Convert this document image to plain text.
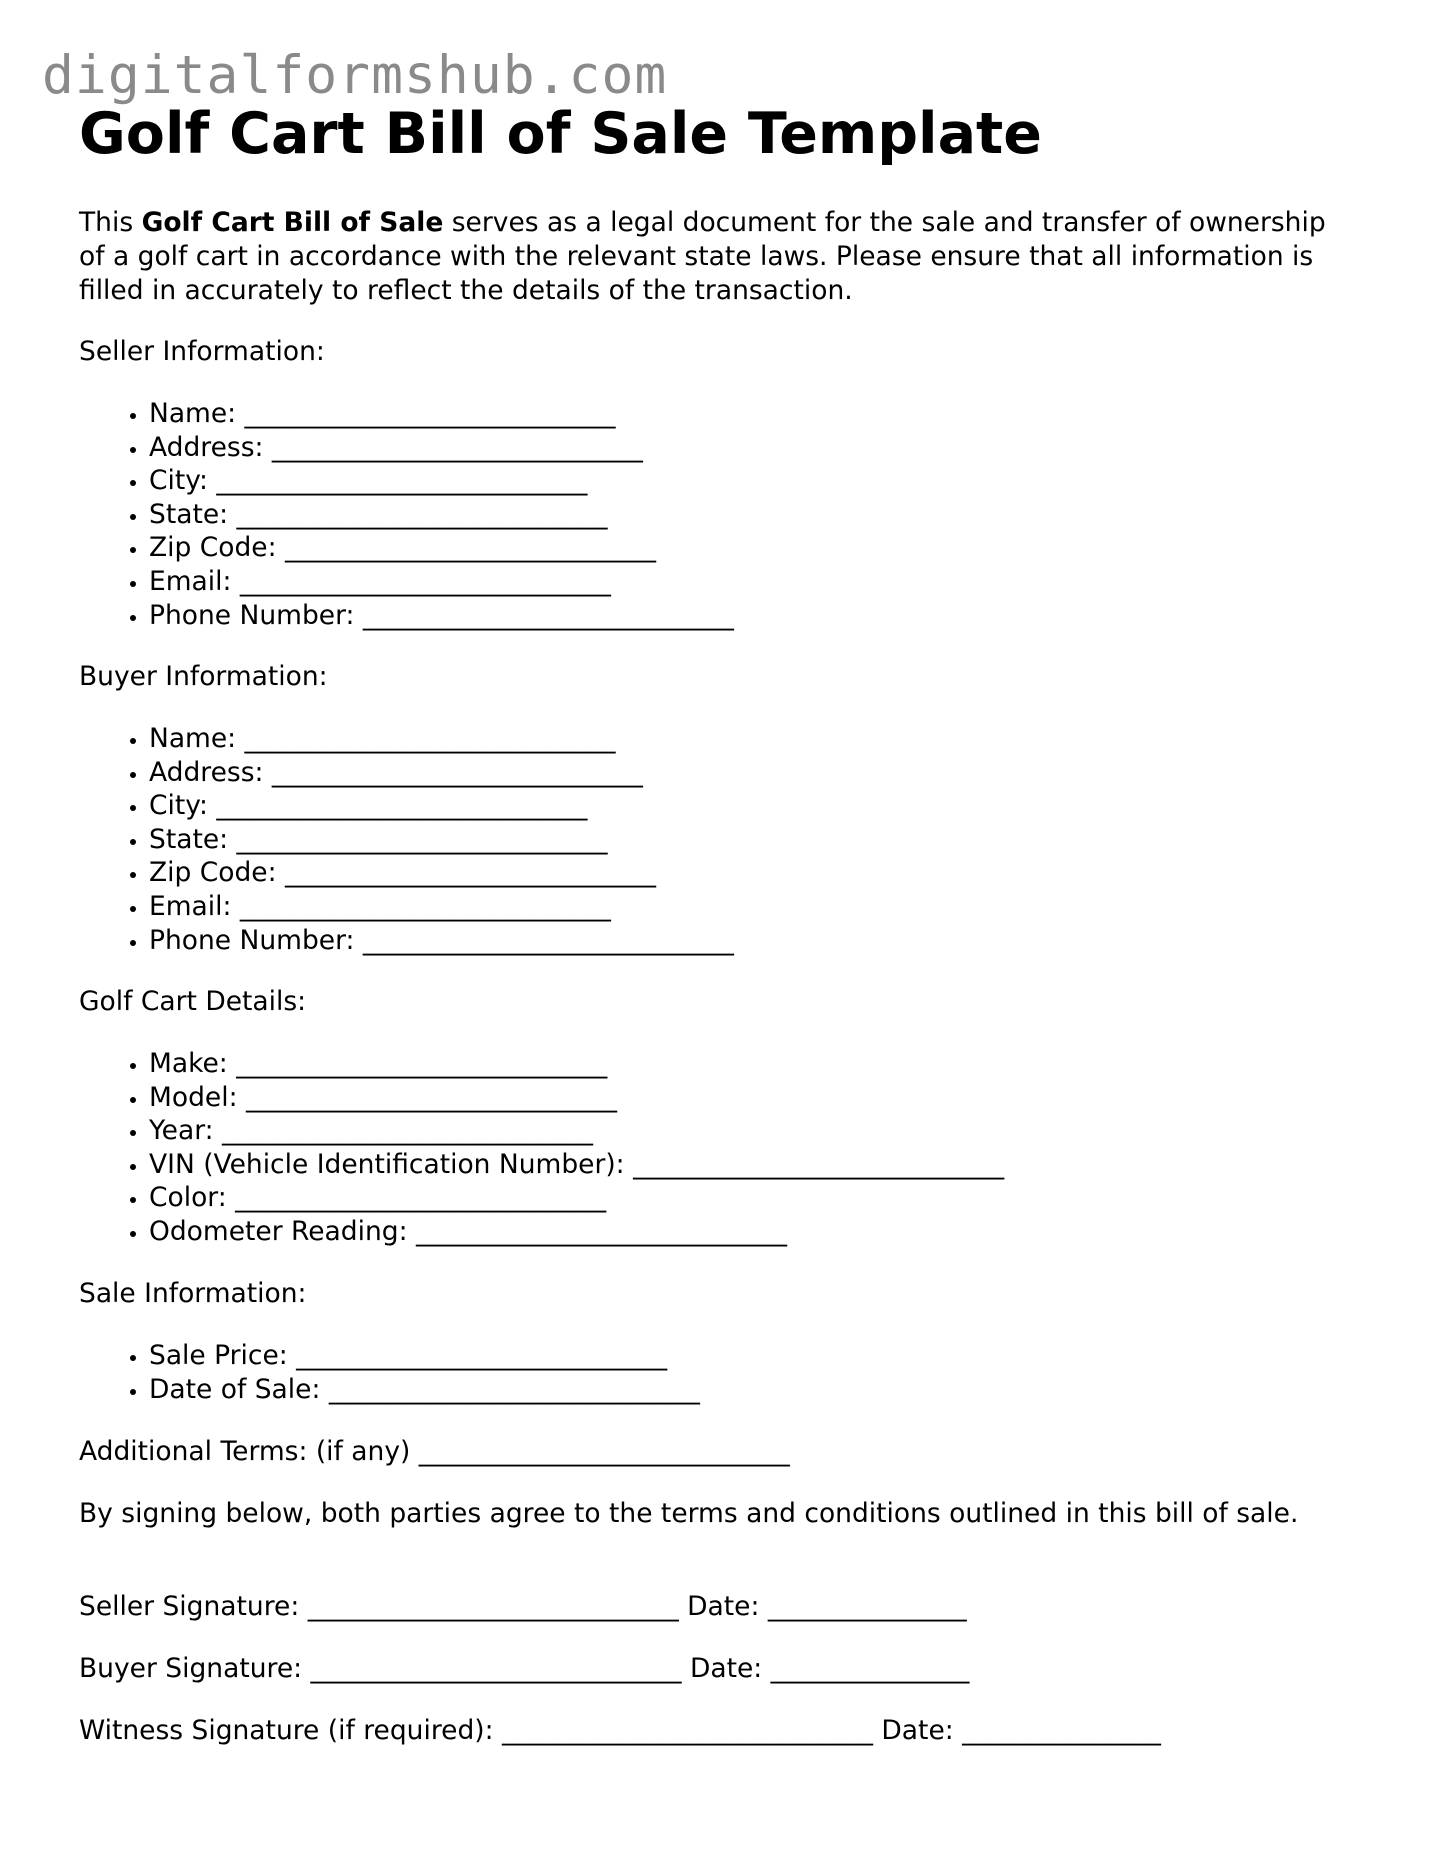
digitalformshub.com
Golf Cart Bill of Sale Template

This Golf Cart Bill of Sale serves as a legal document for the sale and transfer of ownership of a golf cart in accordance with the relevant state laws. Please ensure that all information is filled in accurately to reflect the details of the transaction.

Seller Information:

• Name: ____________________________
• Address: ____________________________
• City: ____________________________
• State: ____________________________
• Zip Code: ____________________________
• Email: ____________________________
• Phone Number: ____________________________

Buyer Information:

• Name: ____________________________
• Address: ____________________________
• City: ____________________________
• State: ____________________________
• Zip Code: ____________________________
• Email: ____________________________
• Phone Number: ____________________________

Golf Cart Details:

• Make: ____________________________
• Model: ____________________________
• Year: ____________________________
• VIN (Vehicle Identification Number): ____________________________
• Color: ____________________________
• Odometer Reading: ____________________________

Sale Information:

• Sale Price: ____________________________
• Date of Sale: ____________________________

Additional Terms: (if any) ____________________________

By signing below, both parties agree to the terms and conditions outlined in this bill of sale.

Seller Signature: ____________________________ Date: _______________

Buyer Signature: ____________________________ Date: _______________

Witness Signature (if required): ____________________________ Date: _______________
